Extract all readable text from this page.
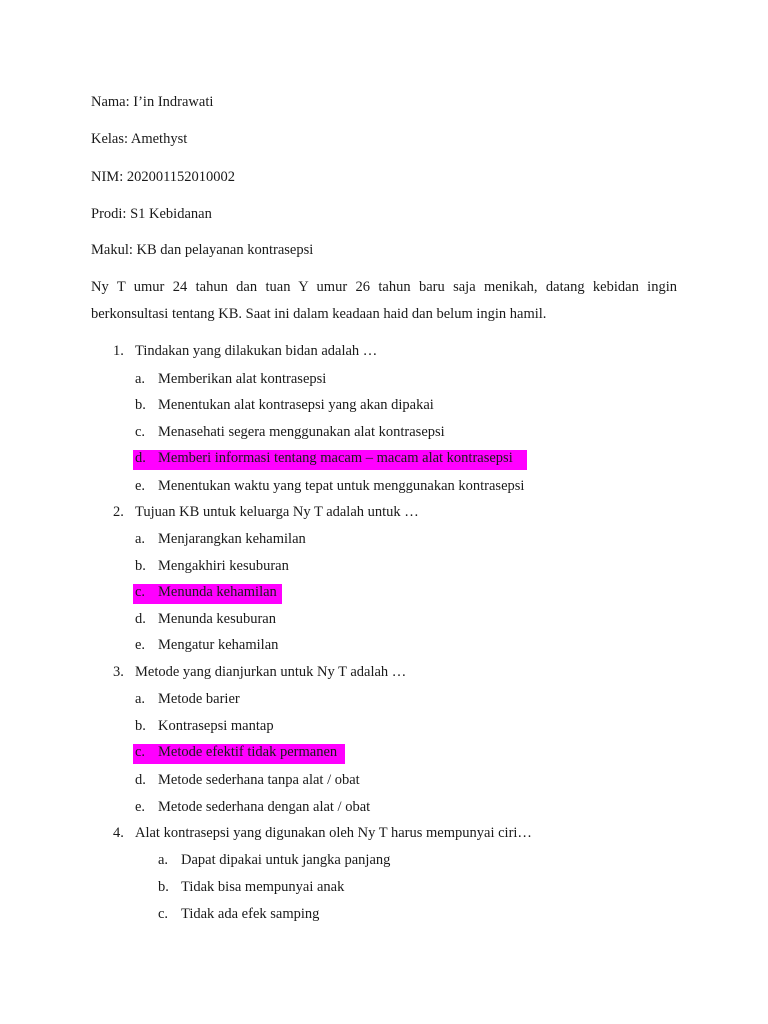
Nama: I’in Indrawati
Kelas: Amethyst
NIM: 202001152010002
Prodi: S1 Kebidanan
Makul: KB dan pelayanan kontrasepsi
Ny T umur 24 tahun dan tuan Y umur 26 tahun baru saja menikah, datang kebidan ingin
berkonsultasi tentang KB. Saat ini dalam keadaan haid dan belum ingin hamil.
1. Tindakan yang dilakukan bidan adalah …
a. Memberikan alat kontrasepsi
b. Menentukan alat kontrasepsi yang akan dipakai
c. Menasehati segera menggunakan alat kontrasepsi
d. Memberi informasi tentang macam – macam alat kontrasepsi
e. Menentukan waktu yang tepat untuk menggunakan kontrasepsi
2. Tujuan KB untuk keluarga Ny T adalah untuk …
a. Menjarangkan kehamilan
b. Mengakhiri kesuburan
c. Menunda kehamilan
d. Menunda kesuburan
e. Mengatur kehamilan
3. Metode yang dianjurkan untuk Ny T adalah …
a. Metode barier
b. Kontrasepsi mantap
c. Metode efektif tidak permanen
d. Metode sederhana tanpa alat / obat
e. Metode sederhana dengan alat / obat
4. Alat kontrasepsi yang digunakan oleh Ny T harus mempunyai ciri…
a. Dapat dipakai untuk jangka panjang
b. Tidak bisa mempunyai anak
c. Tidak ada efek samping
